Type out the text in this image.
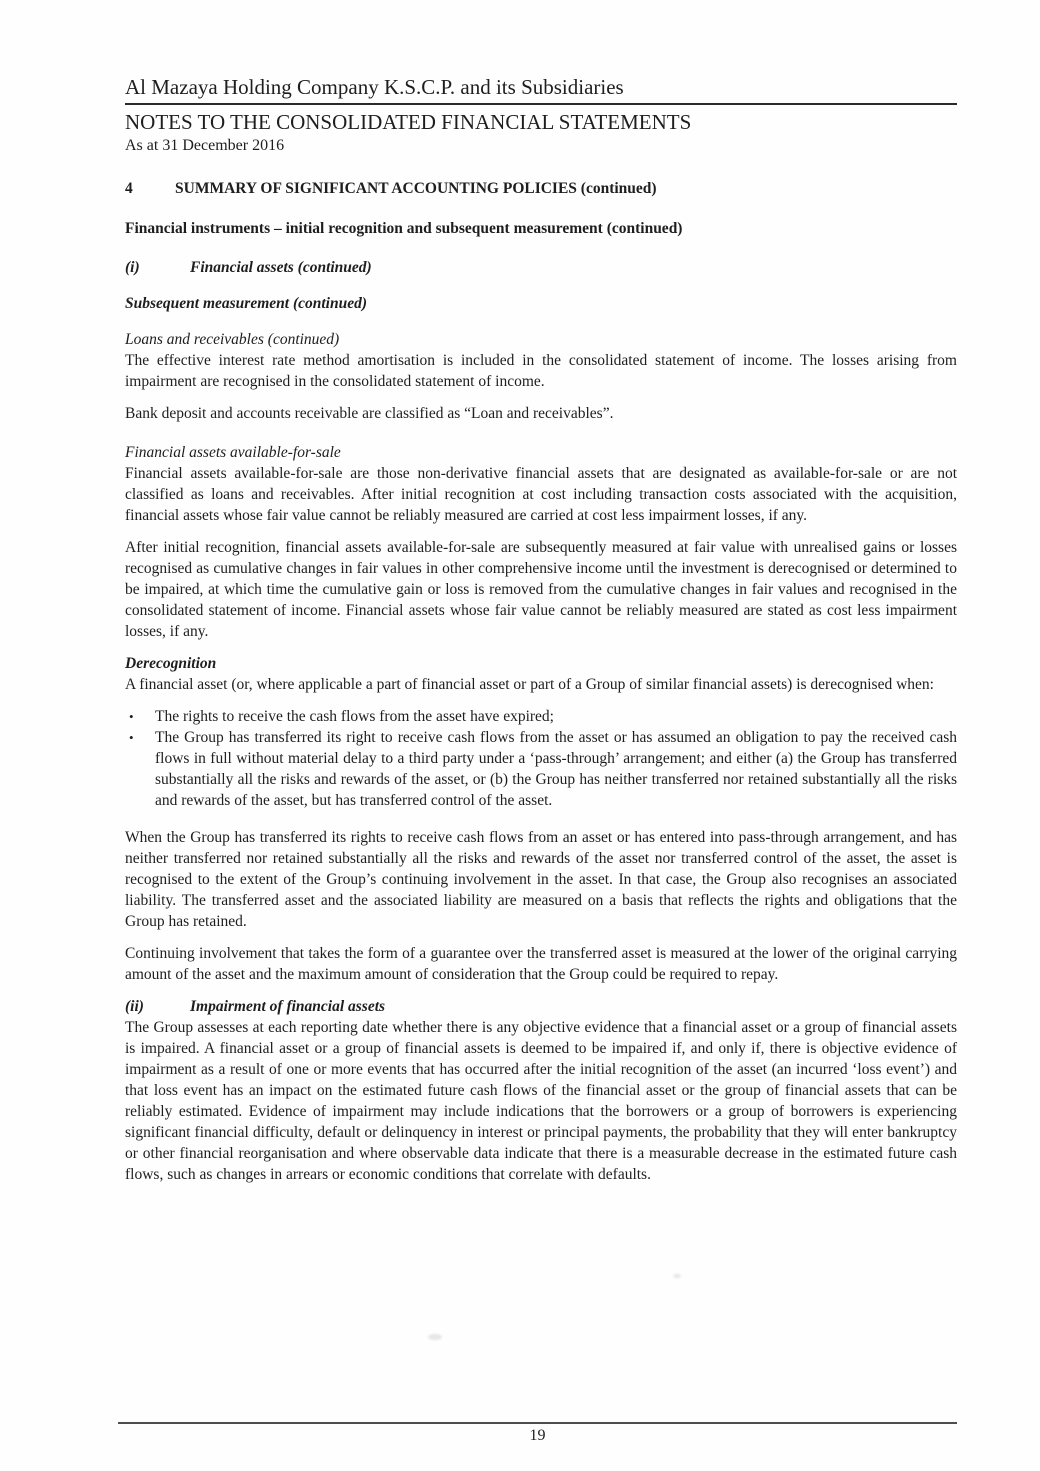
Al Mazaya Holding Company K.S.C.P. and its Subsidiaries
NOTES TO THE CONSOLIDATED FINANCIAL STATEMENTS
As at 31 December 2016
4	SUMMARY OF SIGNIFICANT ACCOUNTING POLICIES (continued)
Financial instruments – initial recognition and subsequent measurement (continued)
(i)	Financial assets (continued)
Subsequent measurement (continued)
Loans and receivables (continued)

The effective interest rate method amortisation is included in the consolidated statement of income. The losses arising from impairment are recognised in the consolidated statement of income.

Bank deposit and accounts receivable are classified as “Loan and receivables”.

Financial assets available-for-sale

Financial assets available-for-sale are those non-derivative financial assets that are designated as available-for-sale or are not classified as loans and receivables. After initial recognition at cost including transaction costs associated with the acquisition, financial assets whose fair value cannot be reliably measured are carried at cost less impairment losses, if any.

After initial recognition, financial assets available-for-sale are subsequently measured at fair value with unrealised gains or losses recognised as cumulative changes in fair values in other comprehensive income until the investment is derecognised or determined to be impaired, at which time the cumulative gain or loss is removed from the cumulative changes in fair values and recognised in the consolidated statement of income. Financial assets whose fair value cannot be reliably measured are stated as cost less impairment losses, if any.

Derecognition

A financial asset (or, where applicable a part of financial asset or part of a Group of similar financial assets) is derecognised when:

•	The rights to receive the cash flows from the asset have expired;
•	The Group has transferred its right to receive cash flows from the asset or has assumed an obligation to pay the received cash flows in full without material delay to a third party under a ‘pass-through’ arrangement; and either (a) the Group has transferred substantially all the risks and rewards of the asset, or (b) the Group has neither transferred nor retained substantially all the risks and rewards of the asset, but has transferred control of the asset.

When the Group has transferred its rights to receive cash flows from an asset or has entered into pass-through arrangement, and has neither transferred nor retained substantially all the risks and rewards of the asset nor transferred control of the asset, the asset is recognised to the extent of the Group’s continuing involvement in the asset. In that case, the Group also recognises an associated liability. The transferred asset and the associated liability are measured on a basis that reflects the rights and obligations that the Group has retained.

Continuing involvement that takes the form of a guarantee over the transferred asset is measured at the lower of the original carrying amount of the asset and the maximum amount of consideration that the Group could be required to repay.

(ii)	Impairment of financial assets

The Group assesses at each reporting date whether there is any objective evidence that a financial asset or a group of financial assets is impaired. A financial asset or a group of financial assets is deemed to be impaired if, and only if, there is objective evidence of impairment as a result of one or more events that has occurred after the initial recognition of the asset (an incurred ‘loss event’) and that loss event has an impact on the estimated future cash flows of the financial asset or the group of financial assets that can be reliably estimated. Evidence of impairment may include indications that the borrowers or a group of borrowers is experiencing significant financial difficulty, default or delinquency in interest or principal payments, the probability that they will enter bankruptcy or other financial reorganisation and where observable data indicate that there is a measurable decrease in the estimated future cash flows, such as changes in arrears or economic conditions that correlate with defaults.

19
